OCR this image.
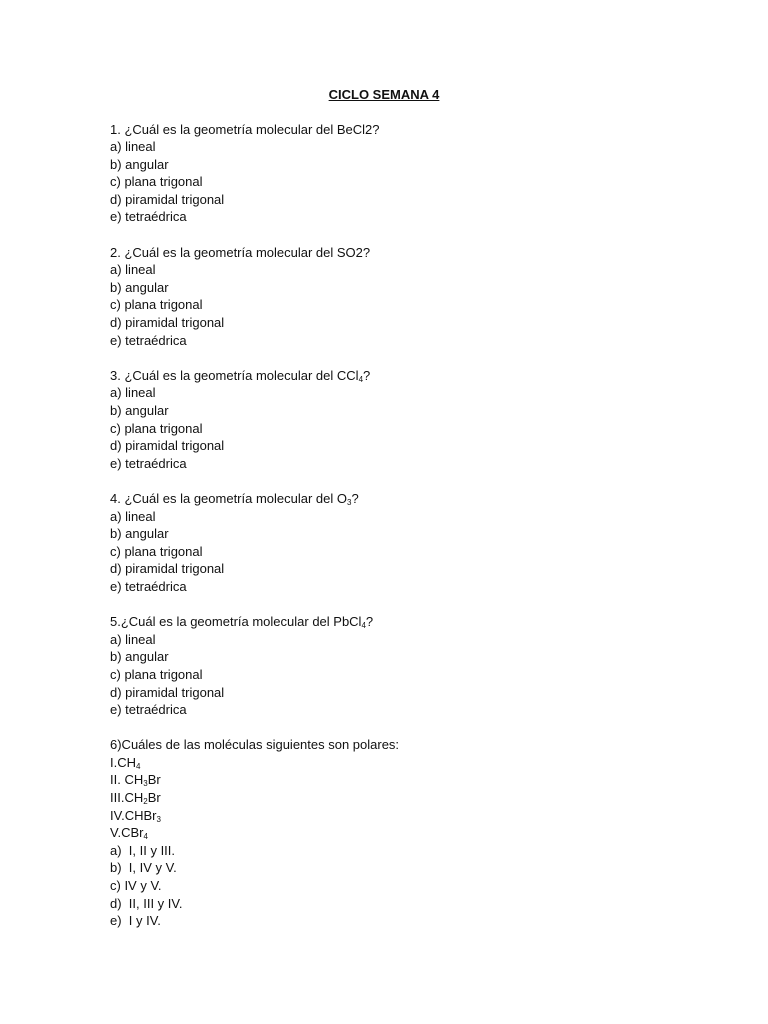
CICLO SEMANA 4
1. ¿Cuál es la geometría molecular del BeCl2?
a) lineal
b) angular
c) plana trigonal
d) piramidal trigonal
e) tetraédrica
2. ¿Cuál es la geometría molecular del SO2?
a) lineal
b) angular
c) plana trigonal
d) piramidal trigonal
e) tetraédrica
3. ¿Cuál es la geometría molecular del CCl$_4$?
a) lineal
b) angular
c) plana trigonal
d) piramidal trigonal
e) tetraédrica
4. ¿Cuál es la geometría molecular del $O_3$?
a) lineal
b) angular
c) plana trigonal
d) piramidal trigonal
e) tetraédrica
5.¿Cuál es la geometría molecular del PbCl$_4$?
a) lineal
b) angular
c) plana trigonal
d) piramidal trigonal
e) tetraédrica
6)Cuáles de las moléculas siguientes son polares:
$I.CH_4$
II. $CH_3Br$
$III.CH_2Br$
IV.CHBr$_3$
V.CBr$_4$
a)  I, II y III.
b)  I, IV y V.
c) IV y V.
d)  II, III y IV.
e)  I y IV.
